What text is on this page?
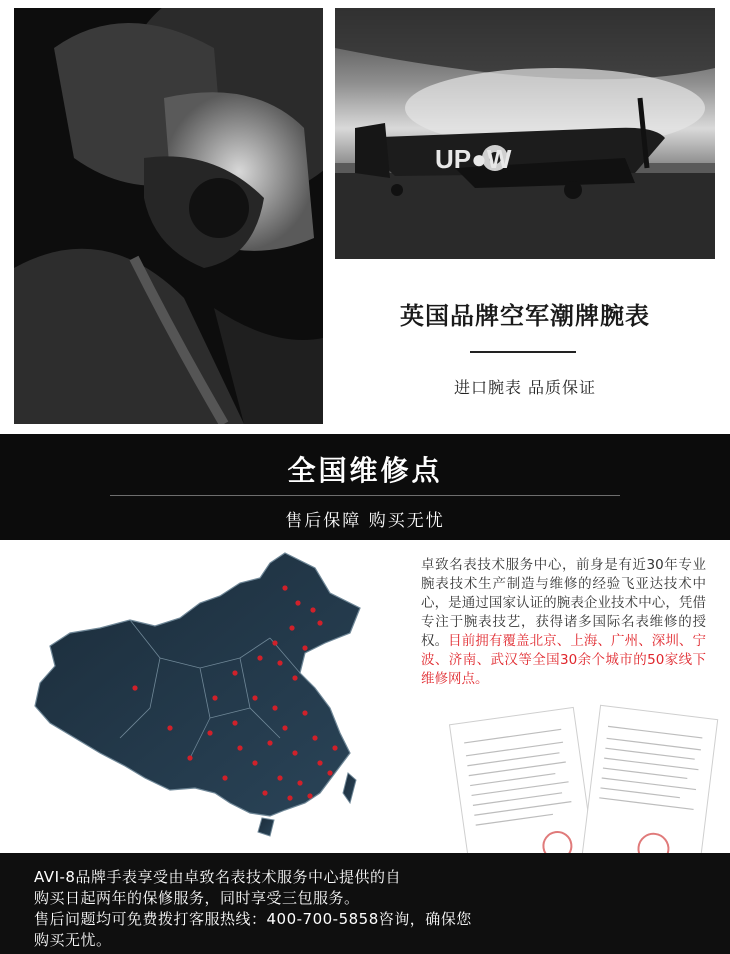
UP●W
英国品牌空军潮牌腕表
进口腕表 品质保证
全国维修点
售后保障 购买无忧
卓致名表技术服务中心，前身是有近30年专业腕表技术生产制造与维修的经验飞亚达技术中心，是通过国家认证的腕表企业技术中心，凭借专注于腕表技艺，获得诸多国际名表维修的授权。目前拥有覆盖北京、上海、广州、深圳、宁波、济南、武汉等全国30余个城市的50家线下维修网点。
AVI-8品牌手表享受由卓致名表技术服务中心提供的自
购买日起两年的保修服务，同时享受三包服务。
售后问题均可免费拨打客服热线：400-700-5858咨询，确保您购买无忧。
